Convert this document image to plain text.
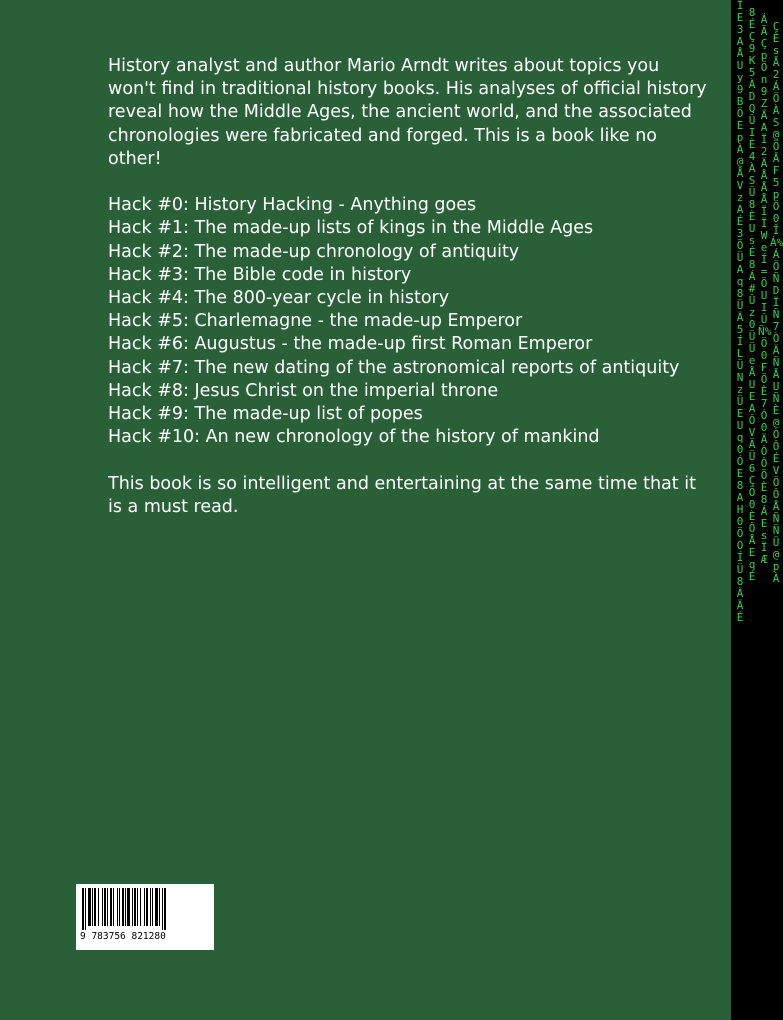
History analyst and author Mario Arndt writes about topics you won't find in traditional history books. His analyses of official history reveal how the Middle Ages, the ancient world, and the associated chronologies were fabricated and forged. This is a book like no other!

Hack #0: History Hacking - Anything goes
Hack #1: The made-up lists of kings in the Middle Ages
Hack #2: The made-up chronology of antiquity
Hack #3: The Bible code in history
Hack #4: The 800-year cycle in history
Hack #5: Charlemagne - the made-up Emperor
Hack #6: Augustus - the made-up first Roman Emperor
Hack #7: The new dating of the astronomical reports of antiquity
Hack #8: Jesus Christ on the imperial throne
Hack #9: The made-up list of popes
Hack #10: An new chronology of the history of mankind

This book is so intelligent and entertaining at the same time that it is a must read.

9 783756 821280
ÏE3AÅUy9BÖEpÀ@ÅVzAÉ3ÕÜAq8ÜÄ5ÍLÜNzÜEUq0ÓE8AH0ÖOÍÜ8ÀÄÉ
8ÉÇ9K5ÀDQÛIÈ4ÀSÜ8ÈUsÉ8Á#Ûz0ÜÜeÅUEAÔVÃÜ6ÇÖ0ÈÔÅEqÉ
ÁÃÇpÖn9ZÄAÏ2ÄÅÅÅÏÏWeÍ=ÖUIÛÑ%Ö0FÖÈ7Ó0ÄÒÔÕÈ8ÁEsÏÆ
ÇÈsÅ2ÁÖÀS@ÖÂF5pÖ0ÎÁ%ÁÖÑDÏÑ7ÒÄÑÅUÑÈ@ÒÔÉVÖÔÅÑÑÜ@pÀ
